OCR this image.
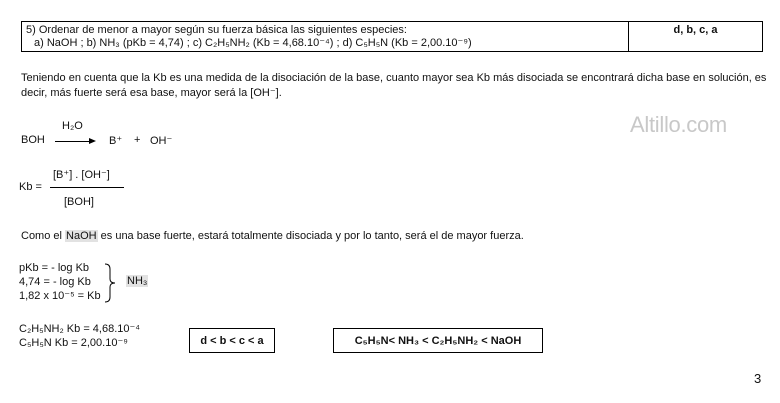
5) Ordenar de menor a mayor según su fuerza básica las siguientes especies:
a) NaOH ; b) NH₃ (pKb = 4,74) ; c) C₂H₅NH₂ (Kb = 4,68.10⁻⁴) ; d) C₅H₅N (Kb = 2,00.10⁻⁹)
d, b, c, a
Teniendo en cuenta que la Kb es una medida de la disociación de la base, cuanto mayor sea Kb más disociada se encontrará dicha base en solución, es decir, más fuerte será esa base, mayor será la [OH⁻].
Altillo.com
BOH
H₂O
B⁺ + OH⁻
Kb =
[B⁺] . [OH⁻]
[BOH]
Como el NaOH es una base fuerte, estará totalmente disociada y por lo tanto, será el de mayor fuerza.
pKb = - log Kb
4,74 = - log Kb
1,82 x 10⁻⁵ = Kb
NH₃
C₂H₅NH₂ Kb = 4,68.10⁻⁴
C₅H₅N Kb = 2,00.10⁻⁹	d < b < c < a	C₅H₅N< NH₃ < C₂H₅NH₂ < NaOH
3
